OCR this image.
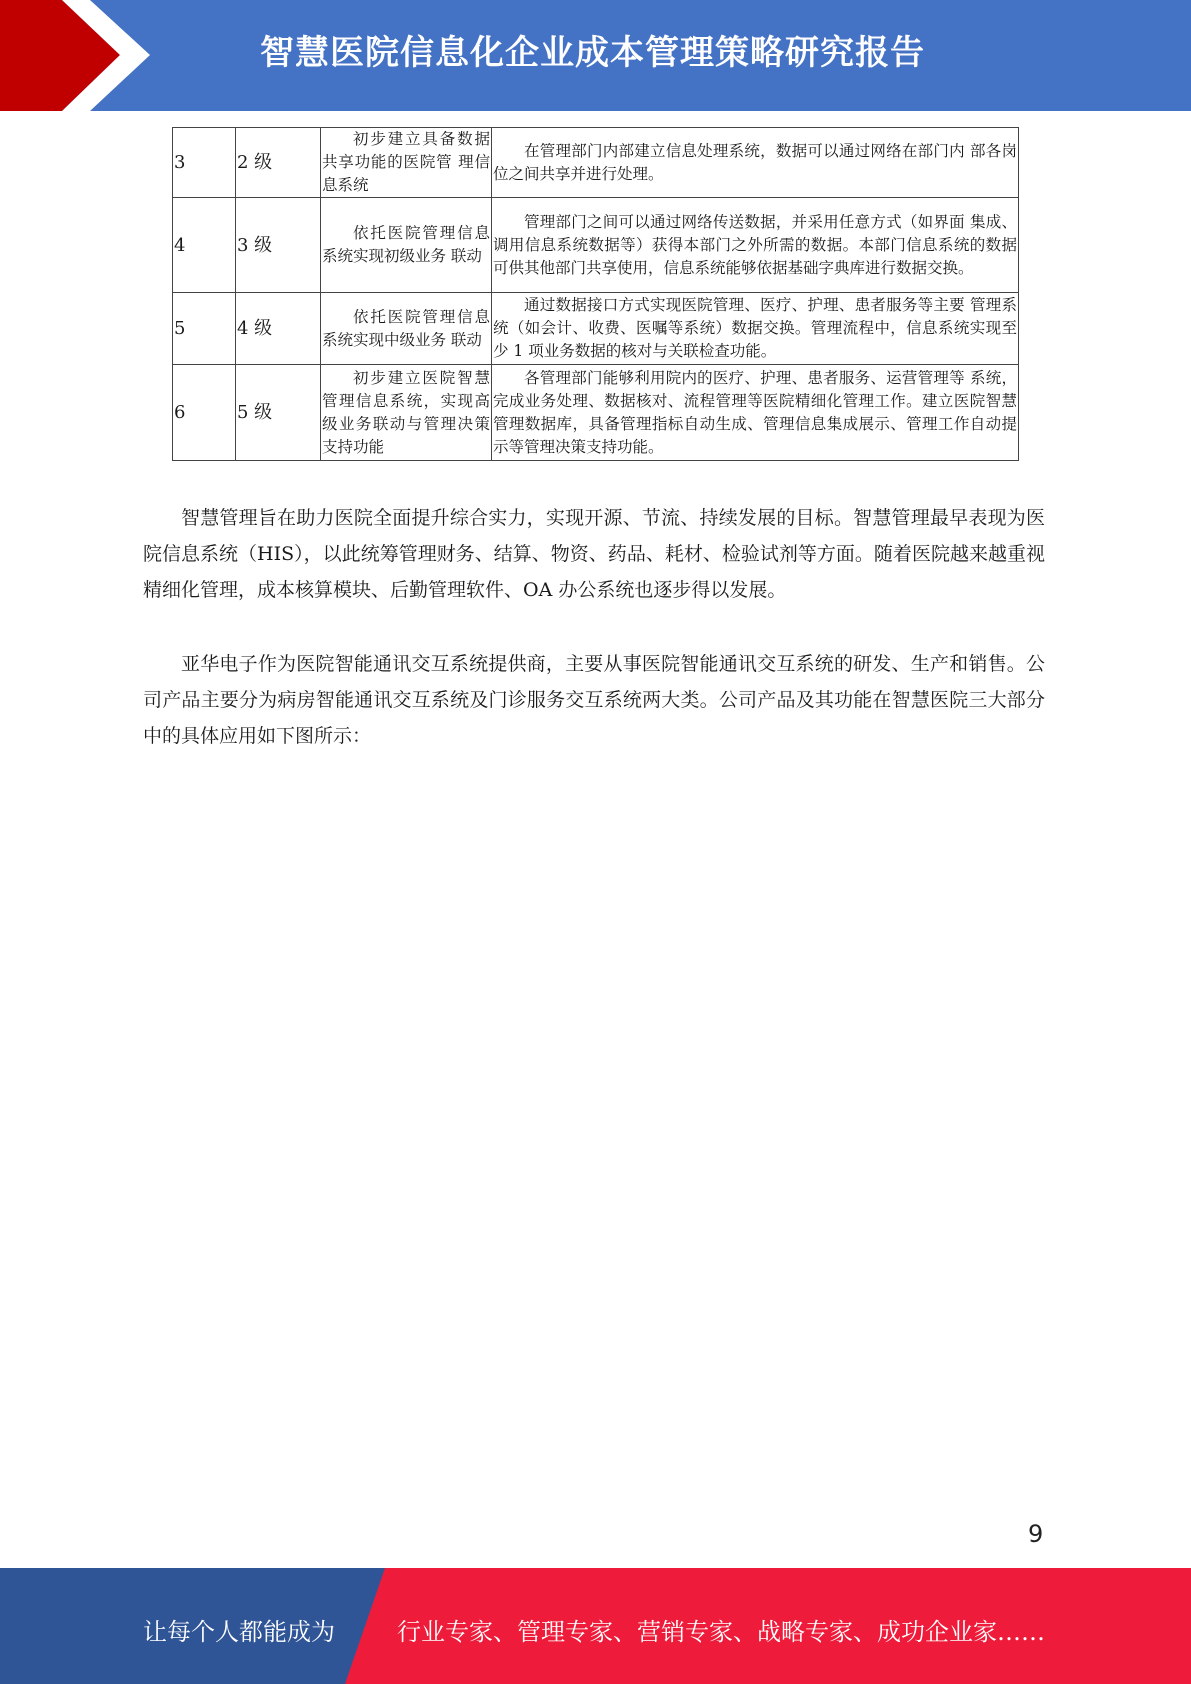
智慧医院信息化企业成本管理策略研究报告
3	2 级	初步建立具备数据 共享功能的医院管 理信息系统	在管理部门内部建立信息处理系统，数据可以通过网络在部门内 部各岗位之间共享并进行处理。
4	3 级	依托医院管理信息 系统实现初级业务 联动	管理部门之间可以通过网络传送数据，并采用任意方式（如界面 集成、调用信息系统数据等）获得本部门之外所需的数据。本部门信息系统的数据可供其他部门共享使用，信息系统能够依据基础字典库进行数据交换。
5	4 级	依托医院管理信息 系统实现中级业务 联动	通过数据接口方式实现医院管理、医疗、护理、患者服务等主要 管理系统（如会计、收费、医嘱等系统）数据交换。管理流程中，信息系统实现至少 1 项业务数据的核对与关联检查功能。
6	5 级	初步建立医院智慧 管理信息系统，实现高级业务联动与管理决策支持功能	各管理部门能够利用院内的医疗、护理、患者服务、运营管理等 系统，完成业务处理、数据核对、流程管理等医院精细化管理工作。建立医院智慧管理数据库，具备管理指标自动生成、管理信息集成展示、管理工作自动提示等管理决策支持功能。

智慧管理旨在助力医院全面提升综合实力，实现开源、节流、持续发展的目标。智慧管理最早表现为医院信息系统（HIS），以此统筹管理财务、结算、物资、药品、耗材、检验试剂等方面。随着医院越来越重视精细化管理，成本核算模块、后勤管理软件、OA 办公系统也逐步得以发展。

亚华电子作为医院智能通讯交互系统提供商，主要从事医院智能通讯交互系统的研发、生产和销售。公司产品主要分为病房智能通讯交互系统及门诊服务交互系统两大类。公司产品及其功能在智慧医院三大部分中的具体应用如下图所示：

9
让每个人都能成为	行业专家、管理专家、营销专家、战略专家、成功企业家……
